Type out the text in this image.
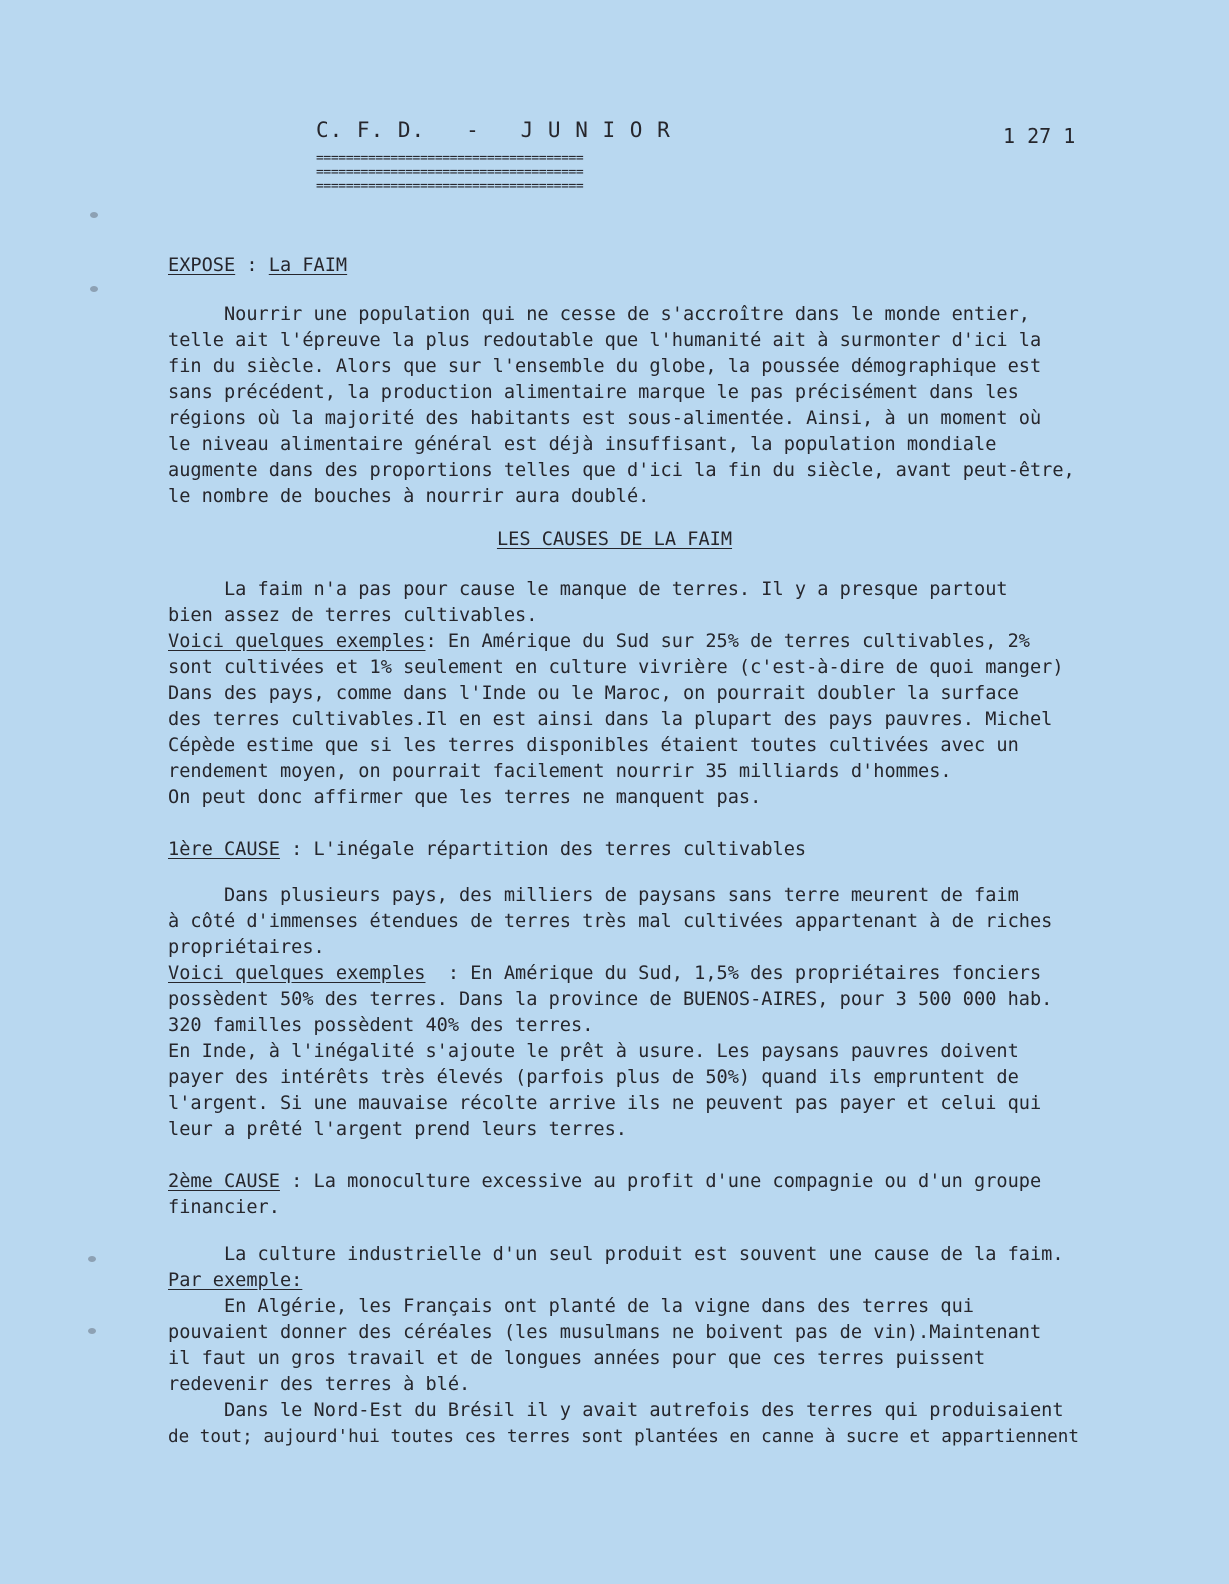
C. F. D.   -   J U N I O R	1 27 1
====================================
====================================
====================================
EXPOSE : La FAIM
Nourrir une population qui ne cesse de s'accroître dans le monde entier,
telle ait l'épreuve la plus redoutable que l'humanité ait à surmonter d'ici la
fin du siècle. Alors que sur l'ensemble du globe, la poussée démographique est
sans précédent, la production alimentaire marque le pas précisément dans les
régions où la majorité des habitants est sous-alimentée. Ainsi, à un moment où
le niveau alimentaire général est déjà insuffisant, la population mondiale
augmente dans des proportions telles que d'ici la fin du siècle, avant peut-être,
le nombre de bouches à nourrir aura doublé.
LES CAUSES DE LA FAIM
La faim n'a pas pour cause le manque de terres. Il y a presque partout
bien assez de terres cultivables.
Voici quelques exemples: En Amérique du Sud sur 25% de terres cultivables, 2%
sont cultivées et 1% seulement en culture vivrière (c'est-à-dire de quoi manger)
Dans des pays, comme dans l'Inde ou le Maroc, on pourrait doubler la surface
des terres cultivables.Il en est ainsi dans la plupart des pays pauvres. Michel
Cépède estime que si les terres disponibles étaient toutes cultivées avec un
rendement moyen, on pourrait facilement nourrir 35 milliards d'hommes.
On peut donc affirmer que les terres ne manquent pas.
1ère CAUSE : L'inégale répartition des terres cultivables
Dans plusieurs pays, des milliers de paysans sans terre meurent de faim
à côté d'immenses étendues de terres très mal cultivées appartenant à de riches
propriétaires.
Voici quelques exemples  : En Amérique du Sud, 1,5% des propriétaires fonciers
possèdent 50% des terres. Dans la province de BUENOS-AIRES, pour 3 500 000 hab.
320 familles possèdent 40% des terres.
En Inde, à l'inégalité s'ajoute le prêt à usure. Les paysans pauvres doivent
payer des intérêts très élevés (parfois plus de 50%) quand ils empruntent de
l'argent. Si une mauvaise récolte arrive ils ne peuvent pas payer et celui qui
leur a prêté l'argent prend leurs terres.
2ème CAUSE : La monoculture excessive au profit d'une compagnie ou d'un groupe
financier.
La culture industrielle d'un seul produit est souvent une cause de la faim.
Par exemple:
En Algérie, les Français ont planté de la vigne dans des terres qui
pouvaient donner des céréales (les musulmans ne boivent pas de vin).Maintenant
il faut un gros travail et de longues années pour que ces terres puissent
redevenir des terres à blé.
Dans le Nord-Est du Brésil il y avait autrefois des terres qui produisaient
de tout; aujourd'hui toutes ces terres sont plantées en canne à sucre et appartiennent
